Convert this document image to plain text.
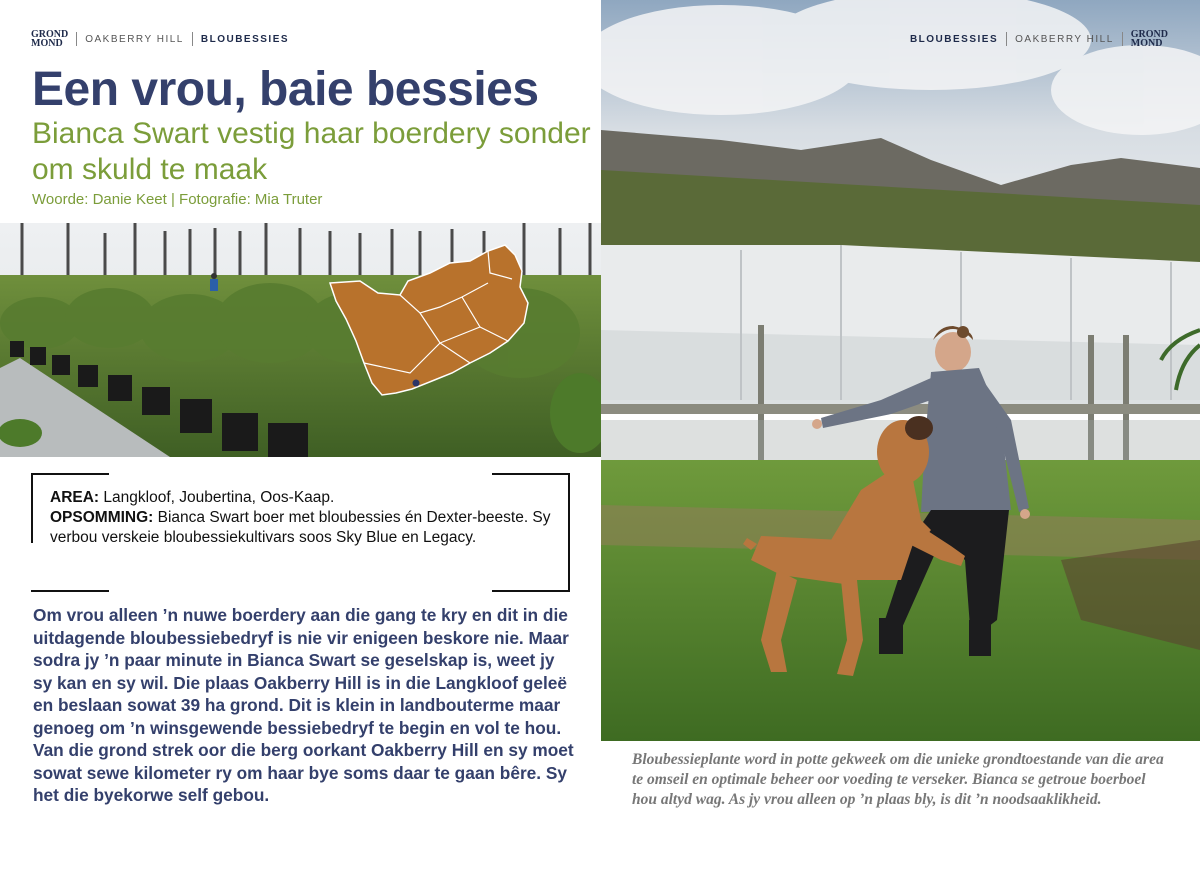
GROND
MOND	OAKBERRY HILL BLOUBESSIES
Een vrou, baie bessies
Bianca Swart vestig haar boerdery sonder om skuld te maak
Woorde: Danie Keet | Fotografie: Mia Truter
AREA: Langkloof, Joubertina, Oos-Kaap.
OPSOMMING: Bianca Swart boer met bloubessies én Dexter-beeste. Sy verbou verskeie bloubessiekultivars soos Sky Blue en Legacy.

Om vrou alleen ’n nuwe boerdery aan die gang te kry en dit in die uitdagende bloubessiebedryf is nie vir enigeen beskore nie. Maar sodra jy ’n paar minute in Bianca Swart se geselskap is, weet jy sy kan en sy wil. Die plaas Oakberry Hill is in die Langkloof geleë en beslaan sowat 39 ha grond. Dit is klein in landbouterme maar genoeg om ’n winsgewende bessiebedryf te begin en vol te hou. Van die grond strek oor die berg oorkant Oakberry Hill en sy moet sowat sewe kilometer ry om haar bye soms daar te gaan bêre. Sy het die byekorwe self gebou.

BLOUBESSIES OAKBERRY HILL GROND
MOND

Bloubessieplante word in potte gekweek om die unieke grondtoestande van die area te omseil en optimale beheer oor voeding te verseker. Bianca se getroue boerboel hou altyd wag. As jy vrou alleen op ’n plaas bly, is dit ’n noodsaaklikheid.
